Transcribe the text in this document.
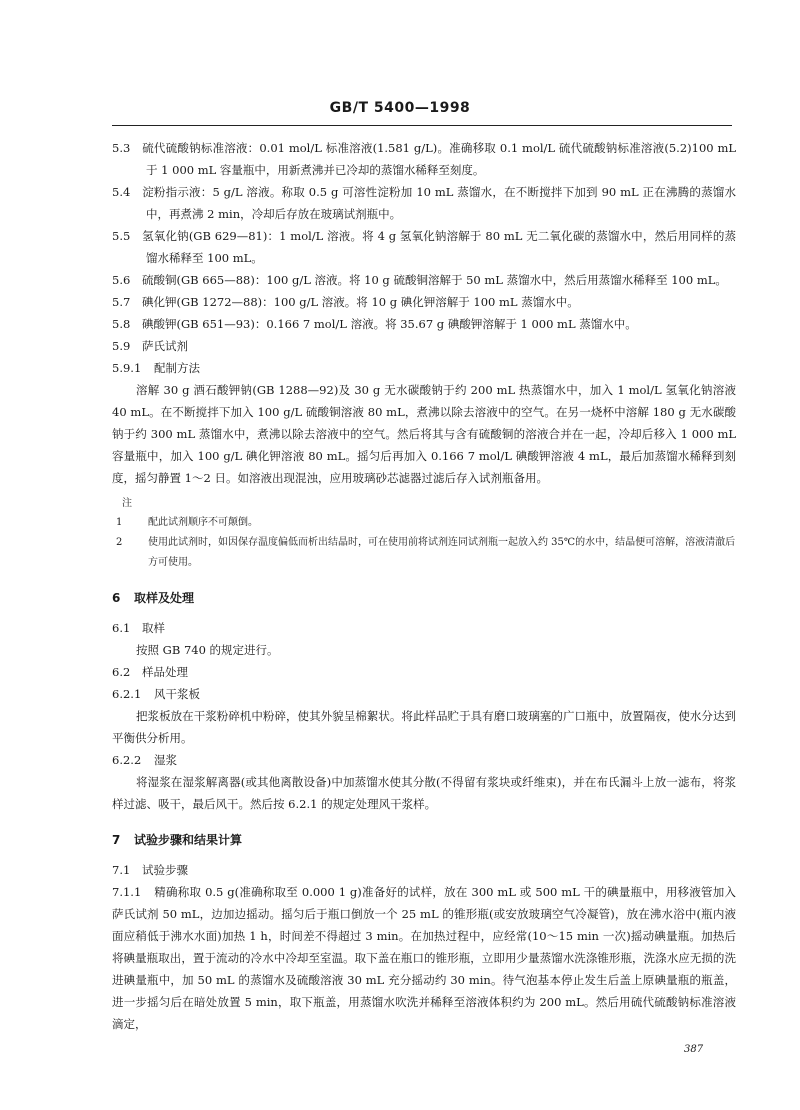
GB/T 5400—1998

5.3 硫代硫酸钠标准溶液：0.01 mol/L 标准溶液(1.581 g/L)。准确移取 0.1 mol/L 硫代硫酸钠标准溶液(5.2)100 mL 于 1 000 mL 容量瓶中，用新煮沸并已冷却的蒸馏水稀释至刻度。

5.4 淀粉指示液：5 g/L 溶液。称取 0.5 g 可溶性淀粉加 10 mL 蒸馏水，在不断搅拌下加到 90 mL 正在沸腾的蒸馏水中，再煮沸 2 min，冷却后存放在玻璃试剂瓶中。

5.5 氢氧化钠(GB 629—81)：1 mol/L 溶液。将 4 g 氢氧化钠溶解于 80 mL 无二氧化碳的蒸馏水中，然后用同样的蒸馏水稀释至 100 mL。

5.6 硫酸铜(GB 665—88)：100 g/L 溶液。将 10 g 硫酸铜溶解于 50 mL 蒸馏水中，然后用蒸馏水稀释至 100 mL。

5.7 碘化钾(GB 1272—88)：100 g/L 溶液。将 10 g 碘化钾溶解于 100 mL 蒸馏水中。

5.8 碘酸钾(GB 651—93)：0.166 7 mol/L 溶液。将 35.67 g 碘酸钾溶解于 1 000 mL 蒸馏水中。

5.9 萨氏试剂

5.9.1 配制方法

溶解 30 g 酒石酸钾钠(GB 1288—92)及 30 g 无水碳酸钠于约 200 mL 热蒸馏水中，加入 1 mol/L 氢氧化钠溶液 40 mL。在不断搅拌下加入 100 g/L 硫酸铜溶液 80 mL，煮沸以除去溶液中的空气。在另一烧杯中溶解 180 g 无水碳酸钠于约 300 mL 蒸馏水中，煮沸以除去溶液中的空气。然后将其与含有硫酸铜的溶液合并在一起，冷却后移入 1 000 mL 容量瓶中，加入 100 g/L 碘化钾溶液 80 mL。摇匀后再加入 0.166 7 mol/L 碘酸钾溶液 4 mL，最后加蒸馏水稀释到刻度，摇匀静置 1～2 日。如溶液出现混浊，应用玻璃砂芯滤器过滤后存入试剂瓶备用。

注
1	配此试剂顺序不可颠倒。
2	使用此试剂时，如因保存温度偏低而析出结晶时，可在使用前将试剂连同试剂瓶一起放入约 35℃的水中，结晶便可溶解，溶液清澈后方可使用。
6 取样及处理

6.1 取样

按照 GB 740 的规定进行。

6.2 样品处理

6.2.1 风干浆板

把浆板放在干浆粉碎机中粉碎，使其外貌呈棉絮状。将此样品贮于具有磨口玻璃塞的广口瓶中，放置隔夜，使水分达到平衡供分析用。

6.2.2 湿浆

将湿浆在湿浆解离器(或其他离散设备)中加蒸馏水使其分散(不得留有浆块或纤维束)，并在布氏漏斗上放一滤布，将浆样过滤、吸干，最后风干。然后按 6.2.1 的规定处理风干浆样。

7 试验步骤和结果计算

7.1 试验步骤

7.1.1 精确称取 0.5 g(准确称取至 0.000 1 g)准备好的试样，放在 300 mL 或 500 mL 干的碘量瓶中，用移液管加入萨氏试剂 50 mL，边加边摇动。摇匀后于瓶口倒放一个 25 mL 的锥形瓶(或安放玻璃空气冷凝管)，放在沸水浴中(瓶内液面应稍低于沸水水面)加热 1 h，时间差不得超过 3 min。在加热过程中，应经常(10～15 min 一次)摇动碘量瓶。加热后将碘量瓶取出，置于流动的冷水中冷却至室温。取下盖在瓶口的锥形瓶，立即用少量蒸馏水洗涤锥形瓶，洗涤水应无损的洗进碘量瓶中，加 50 mL 的蒸馏水及硫酸溶液 30 mL 充分摇动约 30 min。待气泡基本停止发生后盖上原碘量瓶的瓶盖，进一步摇匀后在暗处放置 5 min，取下瓶盖，用蒸馏水吹洗并稀释至溶液体积约为 200 mL。然后用硫代硫酸钠标准溶液滴定，

387
